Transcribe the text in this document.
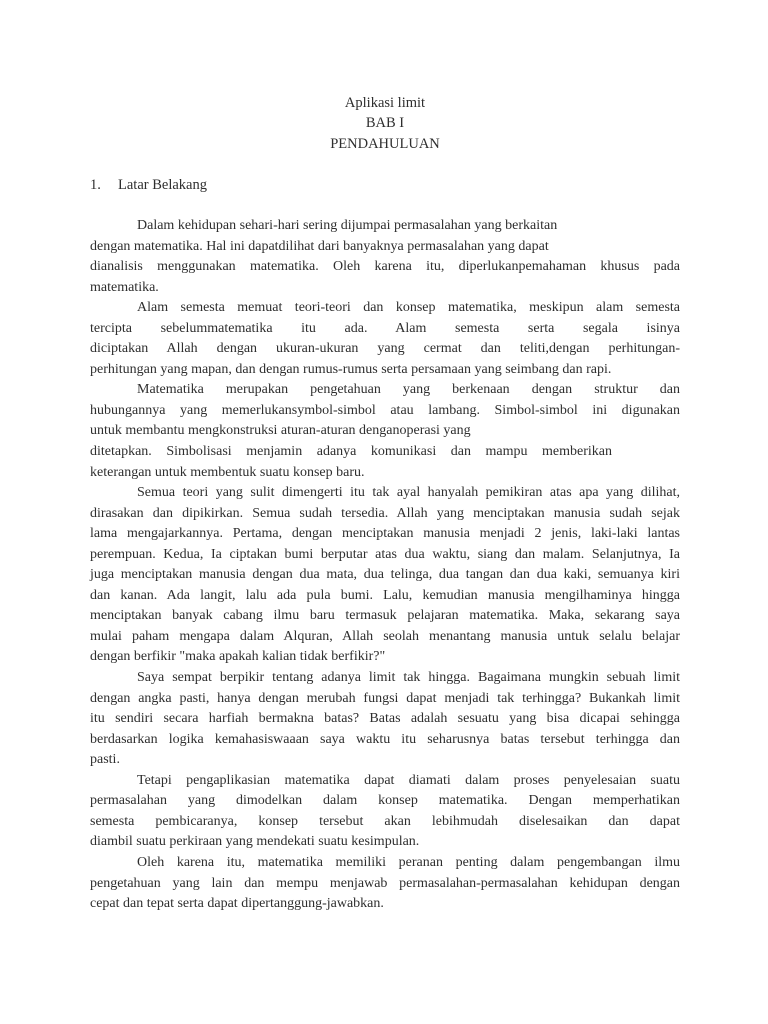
Aplikasi limit
BAB I
PENDAHULUAN
1. Latar Belakang
Dalam kehidupan sehari-hari sering dijumpai permasalahan yang berkaitan
dengan matematika. Hal ini dapatdilihat dari banyaknya permasalahan yang dapat
dianalisis menggunakan matematika. Oleh karena itu, diperlukanpemahaman khusus pada
matematika.
Alam semesta memuat teori-teori dan konsep matematika, meskipun alam semesta
tercipta sebelummatematika itu ada. Alam semesta serta segala isinya
diciptakan Allah dengan ukuran-ukuran yang cermat dan teliti,dengan perhitungan-
perhitungan yang mapan, dan dengan rumus-rumus serta persamaan yang seimbang dan rapi.
Matematika merupakan pengetahuan yang berkenaan dengan struktur dan
hubungannya yang memerlukansymbol-simbol atau lambang. Simbol-simbol ini digunakan
untuk membantu mengkonstruksi aturan-aturan denganoperasi yang
ditetapkan. Simbolisasi menjamin adanya komunikasi dan mampu memberikan
keterangan untuk membentuk suatu konsep baru.
Semua teori yang sulit dimengerti itu tak ayal hanyalah pemikiran atas apa yang dilihat,
dirasakan dan dipikirkan. Semua sudah tersedia. Allah yang menciptakan manusia sudah sejak
lama mengajarkannya. Pertama, dengan menciptakan manusia menjadi 2 jenis, laki-laki lantas
perempuan. Kedua, Ia ciptakan bumi berputar atas dua waktu, siang dan malam. Selanjutnya, Ia
juga menciptakan manusia dengan dua mata, dua telinga, dua tangan dan dua kaki, semuanya kiri
dan kanan. Ada langit, lalu ada pula bumi. Lalu, kemudian manusia mengilhaminya hingga
menciptakan banyak cabang ilmu baru termasuk pelajaran matematika. Maka, sekarang saya
mulai paham mengapa dalam Alquran, Allah seolah menantang manusia untuk selalu belajar
dengan berfikir "maka apakah kalian tidak berfikir?"
Saya sempat berpikir tentang adanya limit tak hingga. Bagaimana mungkin sebuah limit
dengan angka pasti, hanya dengan merubah fungsi dapat menjadi tak terhingga? Bukankah limit
itu sendiri secara harfiah bermakna batas? Batas adalah sesuatu yang bisa dicapai sehingga
berdasarkan logika kemahasiswaaan saya waktu itu seharusnya batas tersebut terhingga dan
pasti.
Tetapi pengaplikasian matematika dapat diamati dalam proses penyelesaian suatu
permasalahan yang dimodelkan dalam konsep matematika. Dengan memperhatikan
semesta pembicaranya, konsep tersebut akan lebihmudah diselesaikan dan dapat
diambil suatu perkiraan yang mendekati suatu kesimpulan.
Oleh karena itu, matematika memiliki peranan penting dalam pengembangan ilmu
pengetahuan yang lain dan mempu menjawab permasalahan-permasalahan kehidupan dengan
cepat dan tepat serta dapat dipertanggung-jawabkan.
